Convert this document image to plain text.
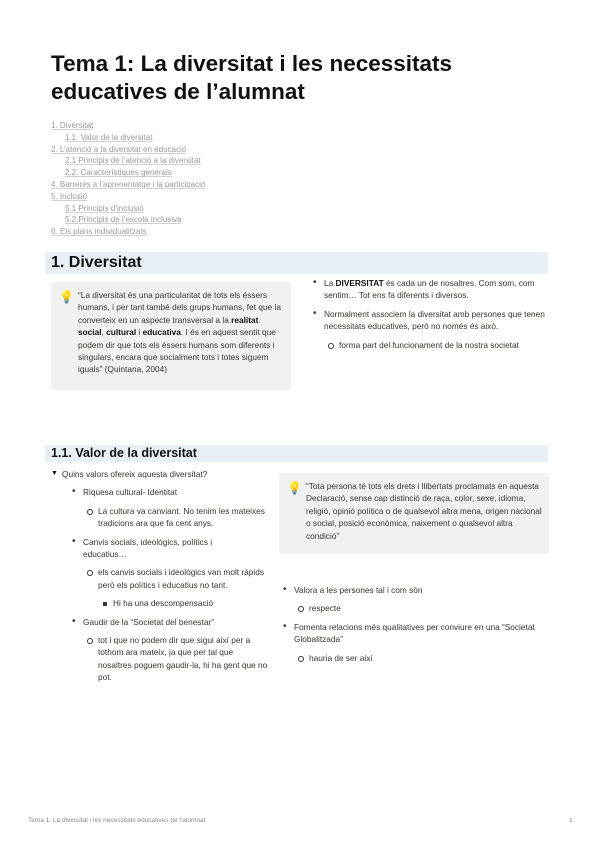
Tema 1: La diversitat i les necessitats educatives de l’alumnat
1. Diversitat
1.1. Valor de la diversitat
2. L’atenció a la diversitat en educació
2.1 Principis de l’atenció a la diversitat
2.2. Característiques generals
4. Barreres a l’aprenentatge i la participació
5. Inclusió
5.1 Principis d’inclusió
5.2.Principis de l’escola inclusiva
6. Els plans individualitzats
1. Diversitat
💡 “La diversitat és una particularitat de tots els éssers humans, i per tant també dels grups humans, fet que la converteix en un aspecte transversal a la realitat social, cultural i educativa. I és en aquest sentit que podem dir que tots els éssers humans som diferents i singulars, encara que socialment tots i totes siguem iguals” (Quintana, 2004)
• La DIVERSITAT és cada un de nosaltres. Com som, com sentim… Tot ens fa diferents i diversos.
• Normalment associem la diversitat amb persones que tenen necessitats educatives, però no només és això.
forma part del funcionament de la nostra societat
1.1. Valor de la diversitat
▼ Quins valors ofereix aquesta diversitat?
• Riquesa cultural- Identitat
La cultura va canviant. No tenim les mateixes tradicions ara que fa cent anys.
• Canvis socials, ideològics, polítics i educatius…
els canvis socials i ideològics van molt ràpids però els polítics i educatius no tant.
Hi ha una descompensació
• Gaudir de la “Societat del benestar”
tot i que no podem dir que sigui així per a tothom ara mateix, ja que per tal que nosaltres poguem gaudir-la, hi ha gent que no pot.
💡 “Tota persona té tots els drets i llibertats proclamats en aquesta Declaració, sense cap distinció de raça, color, sexe, idioma, religió, opinió política o de qualsevol altra mena, origen nacional o social, posició econòmica, naixement o qualsevol altra condició”
• Valora a les persones tal i com són
respecte
• Fomenta relacions més qualitatives per conviure en una “Societat Globalitzada”
hauria de ser així
Tema 1: La diversitat i les necessitats educatives de l’alumnat	1
